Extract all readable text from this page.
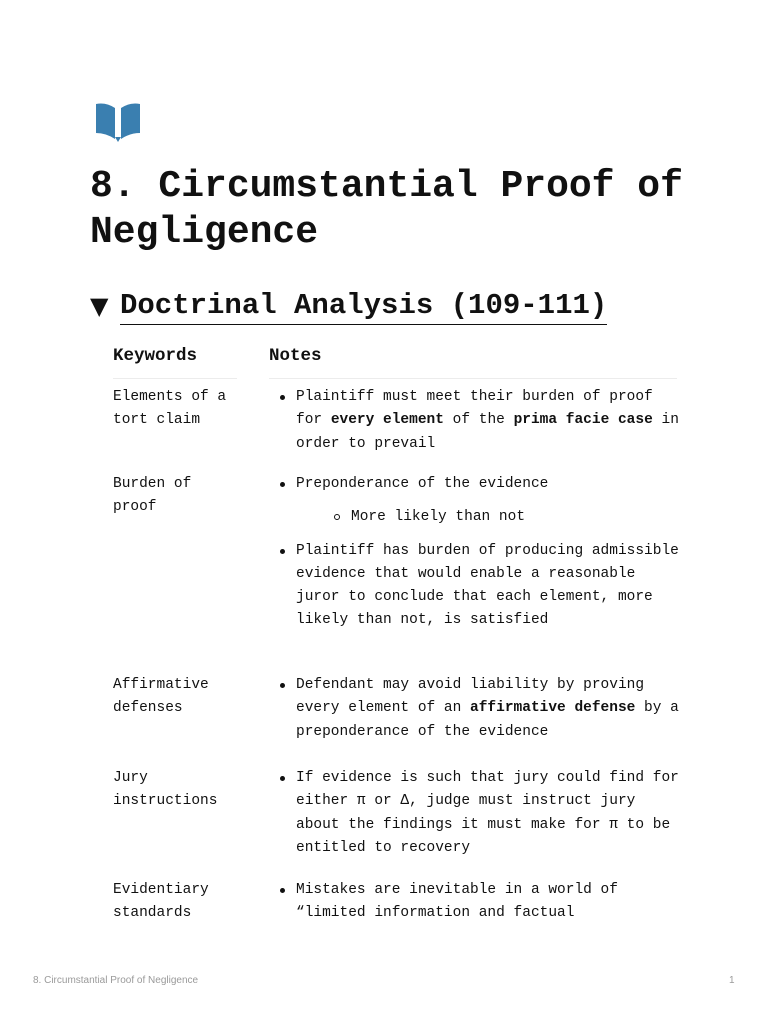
8. Circumstantial Proof of Negligence
▼ Doctrinal Analysis (109-111)
Keywords	Notes
Elements of a tort claim
Plaintiff must meet their burden of proof for every element of the prima facie case in order to prevail
Burden of proof
Preponderance of the evidence
More likely than not
Plaintiff has burden of producing admissible evidence that would enable a reasonable juror to conclude that each element, more likely than not, is satisfied
Affirmative defenses
Defendant may avoid liability by proving every element of an affirmative defense by a preponderance of the evidence
Jury instructions
If evidence is such that jury could find for either π or Δ, judge must instruct jury about the findings it must make for π to be entitled to recovery
Evidentiary standards
Mistakes are inevitable in a world of “limited information and factual
8. Circumstantial Proof of Negligence	1
